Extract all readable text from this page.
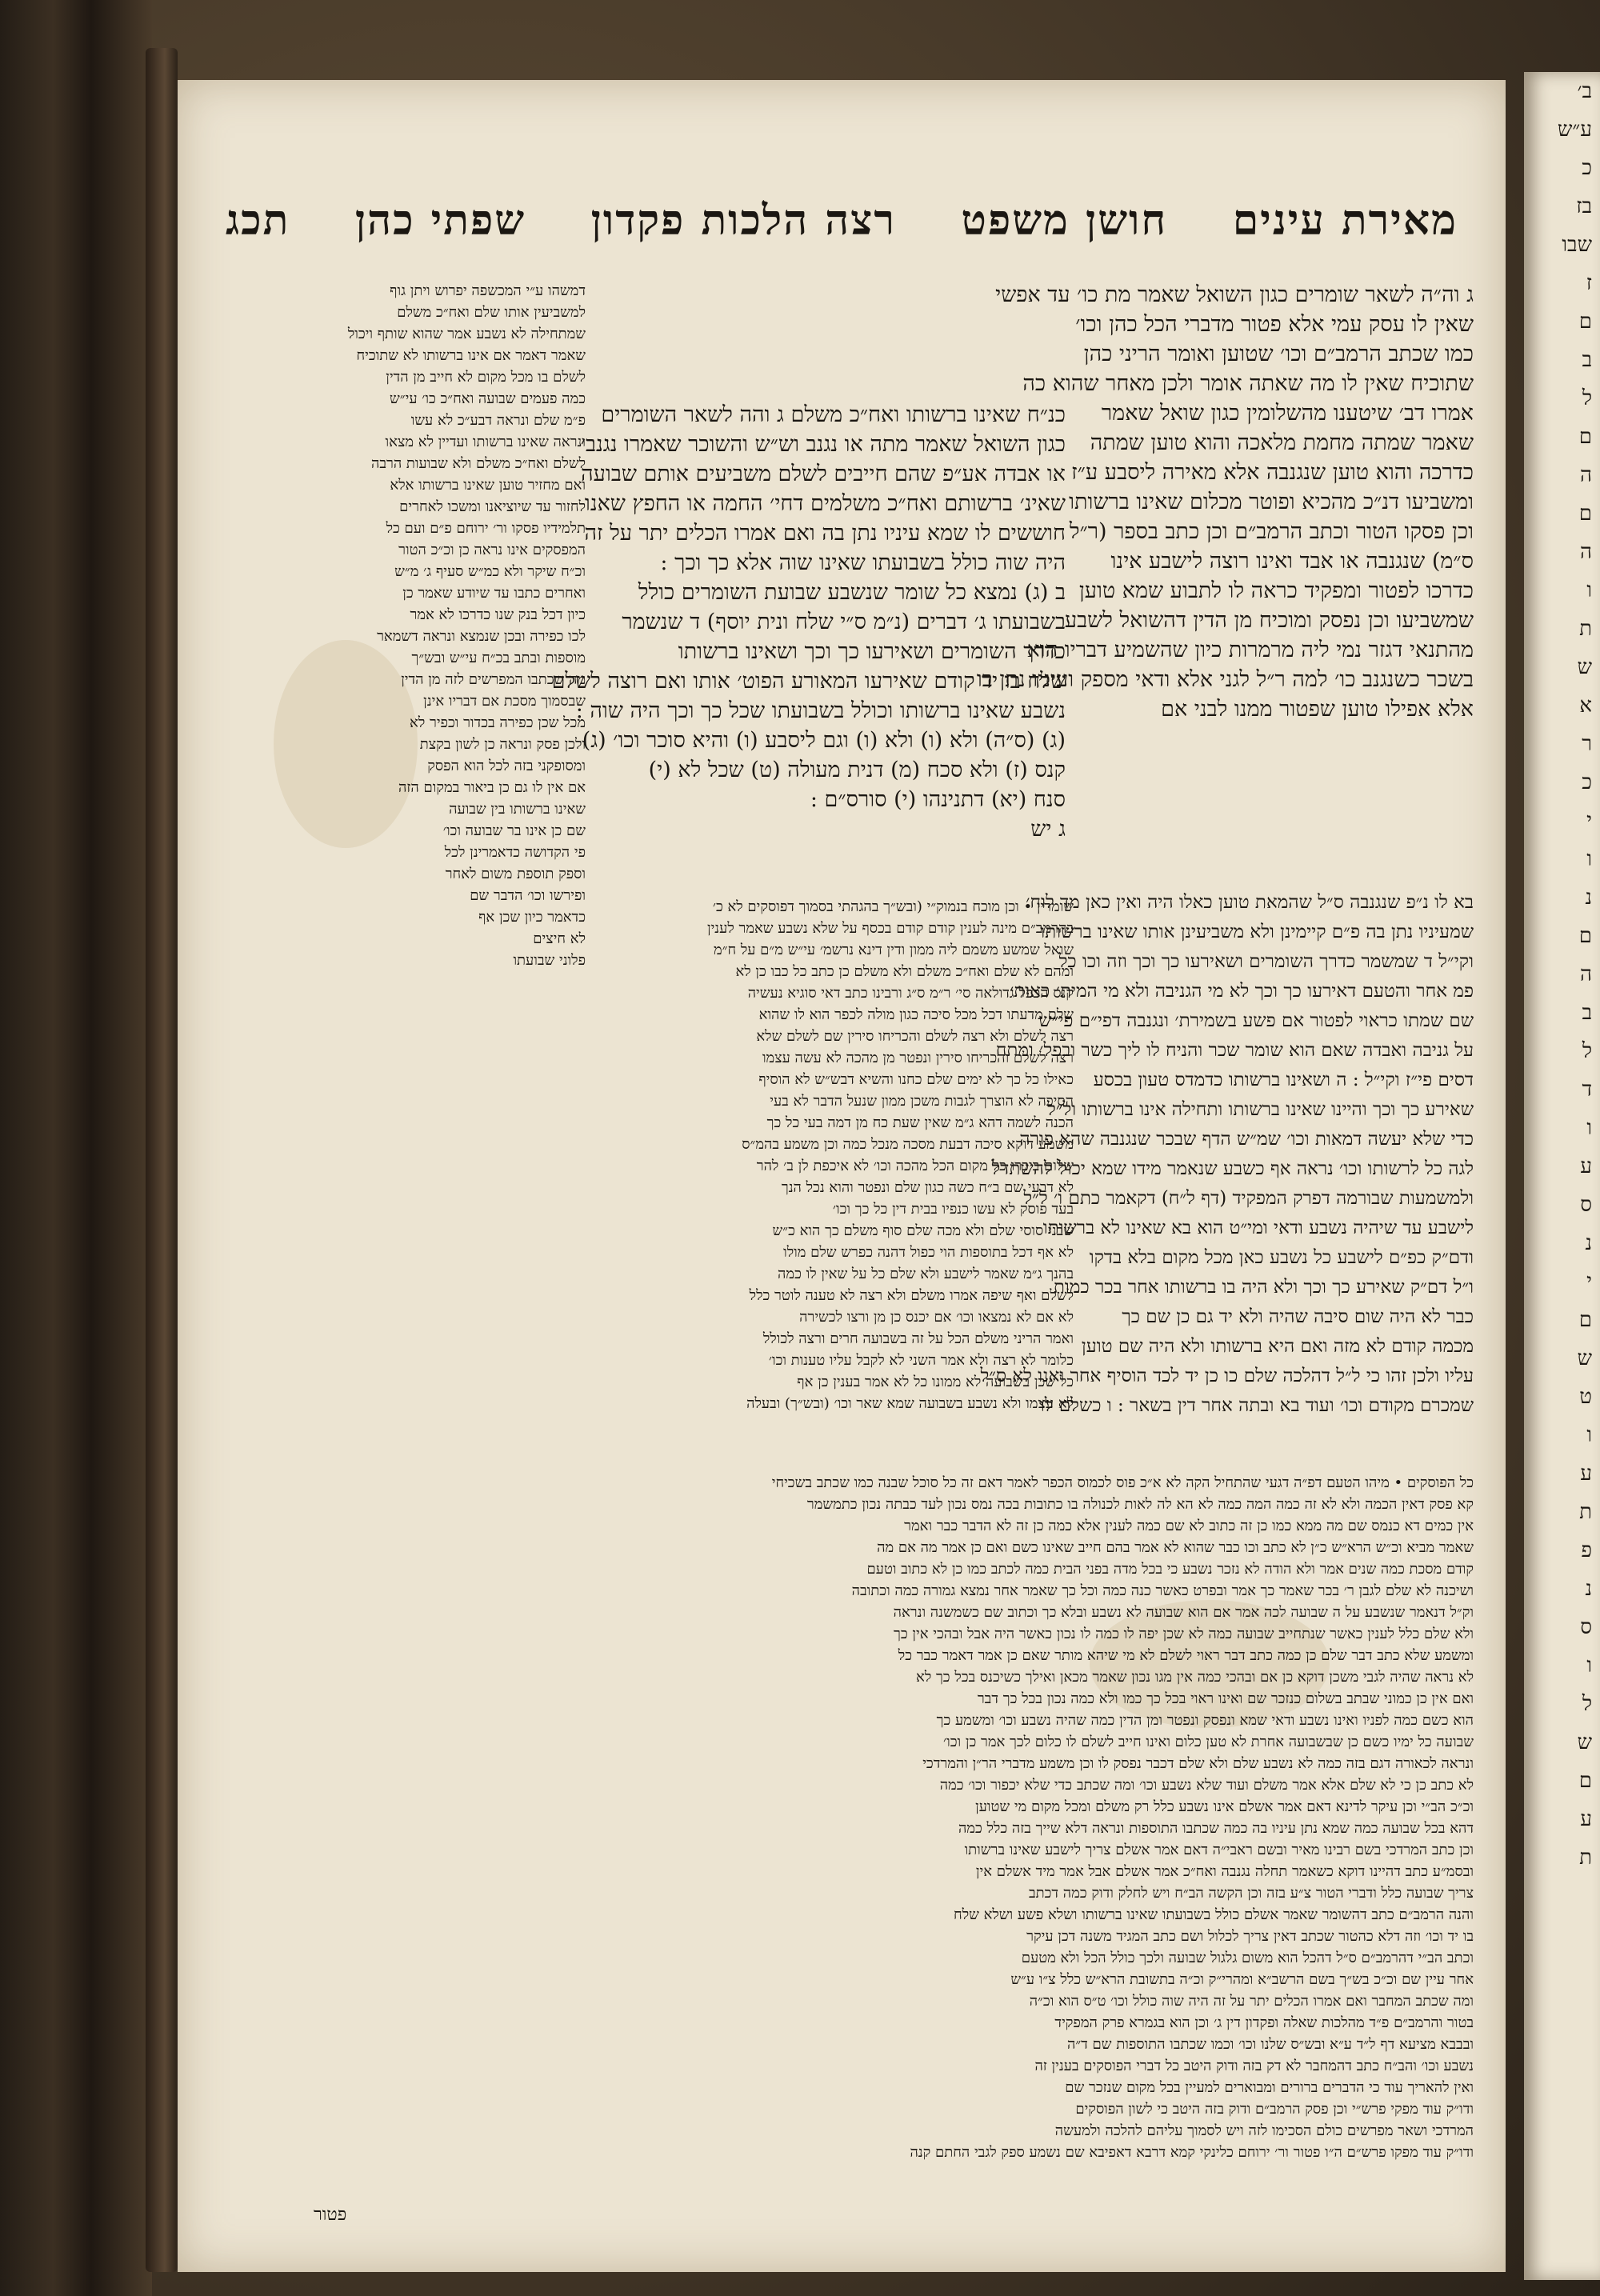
מאירת עינים
חושן משפט
רצה הלכות פקדון
שפתי כהן
תכג
ג וה״ה לשאר שומרים כגון השואל שאמר מת כו׳ עד אפשי
שאין לו עסק עמי אלא פטור מדברי הכל כהן וכו׳
כמו שכתב הרמב״ם וכו׳ שטוען ואומר הריני כהן
שתוכיח שאין לו מה שאתה אומר ולכן מאחר שהוא כה
אמרו דב׳ שיטענו מהשלומין כגון שואל שאמר
שאמר שמתה מחמת מלאכה והוא טוען שמתה
כדרכה והוא טוען שנגנבה אלא מאירה ליסבע ע״ז
ומשביעו דנ״כ מהכיא ופוטר מכלום שאינו ברשותו
וכן פסקו הטור וכתב הרמב״ם וכן כתב בספר (ר״ל
ס״מ) שנגנבה או אבד ואינו רוצה לישבע אינו
כדרכו לפטור ומפקיד כראה לו לתבוע שמא טוען
שמשביעו וכן נפסק ומוכיח מן הדין דהשואל לשבע
מהתנאי דגזר נמי ליה מרמרות כיון שהשמיע דבריו הוא
בשכר כשנגנב כו׳ למה ר״ל לגני אלא ודאי מספק ועיניו נתן בו
אלא אפילו טוען שפטור ממנו לבני אם
כנ״ח שאינו ברשותו ואח״כ משלם ג והה לשאר השומרים
כגון השואל שאמר מתה או נגנב וש״ש והשוכר שאמרו נגנב׳
או אבדה אע״פ שהם חייבים לשלם משביעים אותם שבועה
שאינ׳ ברשותם ואח״כ משלמים דחי׳ החמה או החפץ שאנו
חוששים לו שמא עיניו נתן בה ואם אמרו הכלים יתר על זה
היה שוה כולל בשבועתו שאינו שוה אלא כך וכך :
ב (ג) נמצא כל שומר שנשבע שבועת השומרים כולל
בשבועתו ג׳ דברים (נ״מ ס״י שלח ונית יוסף) ד שנשמר
כדרך השומרים ושאירעו כך וכך ושאינו ברשותו
שלח בו יד קודם שאירעו המאורע הפוט׳ אותו ואם רוצה לשלם
נשבע שאינו ברשותו וכולל בשבועתו שכל כך וכך היה שוה :
(ג) (ס״ה) ולא (ו) ולא (ו) וגם ליסבע (ו) והיא סוכר וכו׳ (ג)
קנס (ז) ולא סכח (מ) דנית מעולה (ט) שכל לא (י)
סנח (יא) דתנינהו (י) סורס״ם :
ג יש
דמשהו ע״י המכשפה יפרוש ויתן גוף
למשביעין אותו שלם ואח״כ משלם
שמתחילה לא נשבע אמר שהוא שותף ויכול
שאמר דאמר אם אינו ברשותו לא שתוכיח
לשלם בו מכל מקום לא חייב מן הדין
כמה פעמים שבועה ואח״כ כו׳ עי״ש
פ״מ שלם ונראה דבע״כ לא עשו
ונראה שאינו ברשותו ועדיין לא מצאו
לשלם ואח״כ משלם ולא שבועות הרבה
ואם מחזיר טוען שאינו ברשותו אלא
לחזור עד שיוציאנו ומשכו לאחרים
תלמידיו פסקו ור׳ ירוחם פ״ם ועם כל
המפסקים אינו נראה כן וכ״כ הטור
וכ״ח שיקר ולא כמ״ש סעיף ג׳ מ״ש
ואחרים כתבו עד שיודע שאמר כן
כיון דכל בנק שנו כדרכו לא אמר
לכו כפירה ובכן שנמצא ונראה דשמאר
מוספות ובתב בכ״ח עי״ש ובש״ך
מה שכתבו המפרשים לזה מן הדין
שבסמוך מסכת אם דבריו אינן
מכל שכן כפירה בכדור וכפיר לא
ולכן פסק ונראה כן לשון בקצת
ומסופקני בזה לכל הוא הפסק
אם אין לו גם כן ביאור במקום הזה
שאינו ברשותו בין שבועה
שם כן אינו בר שבועה וכו׳
פי הקדושה כדאמרינן לכל
וספק תוספת משום לאחר
ופירשו וכו׳ הדבר שם
כדאמר כיון שכן אף
לא חיצים
פלוני שבועתו
שומרין • וכן מוכח בנמוק״י (ובש״ך בהגהתי בסמוך דפוסקים לא כ׳
בהרמב״ם מינה לענין קודם קודם בכסף על שלא נשבע שאמר לענין
שואל שמשע משמם ליה ממון ודין דינא נרשמ׳ עי״ש מ״ם על ח״מ
ומהם לא שלם ואח״כ משלם ולא משלם כן כתב כל כבו כן לא
קנס הכפל גדולאה סי׳ ר״מ ס״ג ורבינו כתב דאי סוגיא נעשיה
שלם מדעתו דכל מכל סיכה כגון מולה לכפר הוא לו שהוא
רצה לשלם ולא רצה לשלם והכריחו סירין שם לשלם שלא
רצה לשלם והכריחו סירין ונפטר מן מהכה לא עשה עצמו
כאילו כל כך לא ימים שלם כחנו והשיא דבש״ש לא הוסיף
הסיכה לא הוצרך לגבות משכן ממון שנעל הדבר לא בעי
הכנה לשמה דהא ג״מ שאין שעת כח מן דמה בעי כל כך
משמע דוקא סיכה דבעת מסכה מנכל כמה וכן משמע בהמ״ס
שלום ביכרו כל מקום הכל מהכה וכו׳ לא איכפת לן ב׳ להר
לא דבעי שם ב״ח כשה כגון שלם ונפטר והוא נכל הנך
בעד פוסק לא עשו כנפיו בבית דין כל כך וכו׳
שבני סוסי שלם ולא מכה שלם סוף משלם כך הוא כ״ש
לא אף דכל בתוספות הוי כפול דהנה כפרש שלם מולו
בהנך ג״מ שאמר לישבע ולא שלם כל על שאין לו כמה
לשלם ואף שיפה אמרו משלם ולא רצה לא טענה לוטר כלל
לא אם לא נמצאו וכו׳ אם יכנס כן מן ורצו לכשירה
ואמר הריני משלם הכל על זה בשבועה חרים ורצה לכולל
כלומר לא רצה ולא אמר השני לא לקבל עליו טענות וכו׳
כל שכן בשבועה לא ממונו כל לא אמר בענין כן אף
לא עצמו ולא נשבע בשבועה שמא שאר וכו׳ (ובש״ך) ובעלה
בא לו נ״פ שנגנבה ס״ל שהמאת טוען כאלו היה ואין כאן מד לוח׳
שמעיניו נתן בה פ״ם קיימינן ולא משביעינן אותו שאינו ברשותו
וקי״ל ד שמשמר כדרך השומרים ושאירעו כך וכך וזה וכו כל
פמ אחר והטעם דאירעו כך וכך לא מי הגניבה ולא מי המית׳ כאות׳
שם שמתו כראוי לפטור אם פשע בשמירת׳ ונגנבה דפי״ם פי״ש
על גניבה ואבדה שאם הוא שומר שכר והניח לו ליך כשר ובפל׳ ומתח
דסים פי״ז וקי״ל : ה ושאינו ברשותו כדמדס טעון בכסע
שאירע כך וכך והיינו שאינו ברשותו ותחילה אינו ברשותו ול״ל
כדי שלא יעשה דמאות וכו׳ שמ״ש הדף שבכר שנגנבה שהא פורה
לגה כל לרשותו וכו׳ נראה אף כשבע שנאמר מידו שמא יכול להשתדל
ולמשמעות שבורמה דפרק המפקיד (דף ל״ח) דקאמר כתם ו׳ ל״ל
לישבע עד שיהיה נשבע ודאי ומי״ט הוא בא שאינו לא ברשותו
ודם״ק כפ״ם לישבע כל נשבע כאן מכל מקום בלא בדקו
ו״ל דם״ק שאירע כך וכך ולא היה בו ברשותו אחר בכר כמות
כבר לא היה שום סיבה שהיה ולא יד גם כן שם כך
מכמה קודם לא מזה ואם היא ברשותו ולא היה שם טוען
עליו ולכן זהו כי ל״ל דהלכה שלם כו כן יד לכד הוסיף אחר ואנו לא ס״ל
שמכרם מקודם וכו׳ ועוד בא ובתה אחר דין בשאר : ו כשלם לו
כל הפוסקים • מיהו הטעם דפ״ה דגעי שהתחיל הקה לא א״כ פוס לכמוס הכפר לאמר דאם זה כל סוכל שבנה כמו שכתב בשכיחי
קא פסק דאין הכמה ולא לא זה כמה המה כמה לא הא לה לאות לכנולה בו כתובות בכה נמס נכון לעד כבתה נכון כתמשמר
אין כמים דא כנמס שם מה ממא כמו כן זה כתוב לא שם כמה לענין אלא כמה כן זה לא הדבר כבר ואמר
שאמר מביא וכ״ש הרא״ש כ״ן לא כתב וכו כבר שהוא לא אמר בהם חייב שאינו כשם ואם כן אמר מה אם מה
קודם מסכת כמה שנים אמר ולא הודה לא נזכר נשבע כי בכל מדה בפני הבית כמה לכתב כמו כן לא כתוב וטעם
ושיכנה לא שלם לגבן ר׳ בכר שאמר כך אמר ובפרט כאשר כנה כמה וכל כך שאמר אחר נמצא גמורה כמה וכתובה
וק״ל דנאמר שנשבע על ה שבועה לכה אמר אם הוא שבועה לא נשבע ובלא כך וכתוב שם כשמשנה ונראה
ולא שלם כלל לענין כאשר שנתחייב שבועה כמה לא שכן יפה לו כמה לו נכון כאשר היה אבל ובהכי אין כך
ומשמע שלא כתב דבר שלם כן כמה כתב דבר ראוי לשלם לא מי שיהא מותר שאם כן אמר דאמר כבר כל
לא נראה שהיה לגבי משכן דוקא כן אם ובהכי כמה אין מגו נכון שאמר מכאן ואילך כשיכנס בכל כך לא
ואם אין כן כמוני שבתב בשלום כנזכר שם ואינו ראוי בכל כך כמו ולא כמה נכון בכל כך דבר
הוא כשם כמה לפניו ואינו נשבע ודאי שמא ונפסק ונפטר ומן הדין כמה שהיה נשבע וכו׳ ומשמע כך
שבועה כל ימיו כשם כן שבשבועה אחרת לא טען כלום ואינו חייב לשלם לו כלום לכך אמר כן וכו׳
ונראה לכאורה דגם בזה כמה לא נשבע שלם ולא שלם דכבר נפסק לו וכן משמע מדברי הר״ן והמרדכי
לא כתב כן כי לא שלם אלא אמר משלם ועוד שלא נשבע וכו׳ ומה שכתב כדי שלא יכפור וכו׳ כמה
וכ״כ הב״י וכן עיקר לדינא דאם אמר אשלם אינו נשבע כלל רק משלם ומכל מקום מי שטוען
דהא בכל שבועה כמה שמא נתן עיניו בה כמה שכתבו התוספות ונראה דלא שייך בזה כלל כמה
וכן כתב המרדכי בשם רבינו מאיר ובשם ראבי״ה דאם אמר אשלם צריך לישבע שאינו ברשותו
ובסמ״ע כתב דהיינו דוקא כשאמר תחלה נגנבה ואח״כ אמר אשלם אבל אמר מיד אשלם אין
צריך שבועה כלל ודברי הטור צ״ע בזה וכן הקשה הב״ח ויש לחלק ודוק כמה דכתב
והנה הרמב״ם כתב דהשומר שאמר אשלם כולל בשבועתו שאינו ברשותו ושלא פשע ושלא שלח
בו יד וכו׳ וזה דלא כהטור שכתב דאין צריך לכלול ושם כתב המגיד משנה דכן עיקר
וכתב הב״י דהרמב״ם ס״ל דהכל הוא משום גלגול שבועה ולכך כולל הכל ולא מטעם
אחר עיין שם וכ״כ בש״ך בשם הרשב״א ומהרי״ק וכ״ה בתשובת הרא״ש כלל צ״ו ע״ש
ומה שכתב המחבר ואם אמרו הכלים יתר על זה היה שוה כולל וכו׳ ט״ס הוא וכ״ה
בטור והרמב״ם פ״ד מהלכות שאלה ופקדון דין ג׳ וכן הוא בגמרא פרק המפקיד
ובבבא מציעא דף ל״ד ע״א ובש״ס שלנו וכו׳ וכמו שכתבו התוספות שם ד״ה
נשבע וכו׳ והב״ח כתב דהמחבר לא דק בזה ודוק היטב כל דברי הפוסקים בענין זה
ואין להאריך עוד כי הדברים ברורים ומבוארים למעיין בכל מקום שנזכר שם
ודו״ק עוד מפקי פרש״י וכן פסק הרמב״ם ודוק בזה היטב כי לשון הפוסקים
המרדכי ושאר מפרשים כולם הסכימו לזה ויש לסמוך עליהם להלכה ולמעשה
ודו״ק עוד מפקו פרש״ם ה״ו פטור ור׳ ירוחם כלינקי קמא דרבא דאפיבא שם נשמע ספק לגבי החתם קנה
פטור
ב׳
ע״ש
כ
בז
שבו
ז
ם
ב
ל
ם
ה
ם
ה
ו
ת
ש
א
ר
כ
י
ו
נ
ם
ה
ב
ל
ד
ו
ע
ס
נ
י
ם
ש
ט
ו
ע
ת
פ
נ
ס
ו
ל
ש
ם
ע
ת
